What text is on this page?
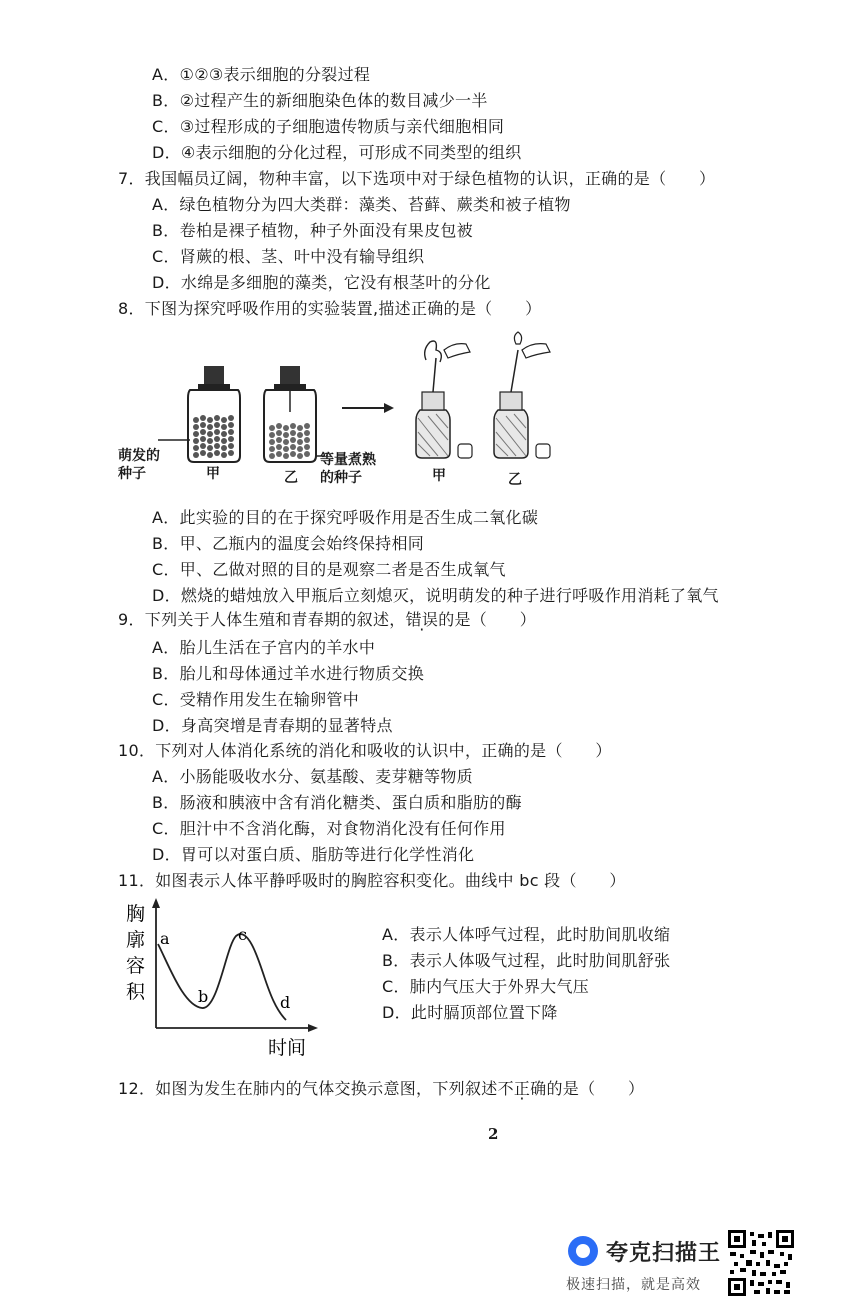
A．①②③表示细胞的分裂过程
B．②过程产生的新细胞染色体的数目减少一半
C．③过程形成的子细胞遗传物质与亲代细胞相同
D．④表示细胞的分化过程，可形成不同类型的组织
7．我国幅员辽阔，物种丰富，以下选项中对于绿色植物的认识，正确的是（　　）
A．绿色植物分为四大类群：藻类、苔藓、蕨类和被子植物
B．卷柏是裸子植物，种子外面没有果皮包被
C．肾蕨的根、茎、叶中没有输导组织
D．水绵是多细胞的藻类，它没有根茎叶的分化
8．下图为探究呼吸作用的实验装置,描述正确的是（　　）
萌发的
种子	甲	乙
等量煮熟
的种子	甲	乙
A．此实验的目的在于探究呼吸作用是否生成二氧化碳
B．甲、乙瓶内的温度会始终保持相同
C．甲、乙做对照的目的是观察二者是否生成氧气
D．燃烧的蜡烛放入甲瓶后立刻熄灭，说明萌发的种子进行呼吸作用消耗了氧气
9．下列关于人体生殖和青春期的叙述，错误的是（　　）
A．胎儿生活在子宫内的羊水中
B．胎儿和母体通过羊水进行物质交换
C．受精作用发生在输卵管中
D．身高突增是青春期的显著特点
10．下列对人体消化系统的消化和吸收的认识中，正确的是（　　）
A．小肠能吸收水分、氨基酸、麦芽糖等物质
B．肠液和胰液中含有消化糖类、蛋白质和脂肪的酶
C．胆汁中不含消化酶，对食物消化没有任何作用
D．胃可以对蛋白质、脂肪等进行化学性消化
11．如图表示人体平静呼吸时的胸腔容积变化。曲线中 bc 段（　　）
胸
廓
容
积
a
b
c
d
时间
A．表示人体呼气过程，此时肋间肌收缩
B．表示人体吸气过程，此时肋间肌舒张
C．肺内气压大于外界大气压
D．此时膈顶部位置下降
12．如图为发生在肺内的气体交换示意图，下列叙述不正确的是（　　）
2
夸克扫描王
极速扫描，就是高效
